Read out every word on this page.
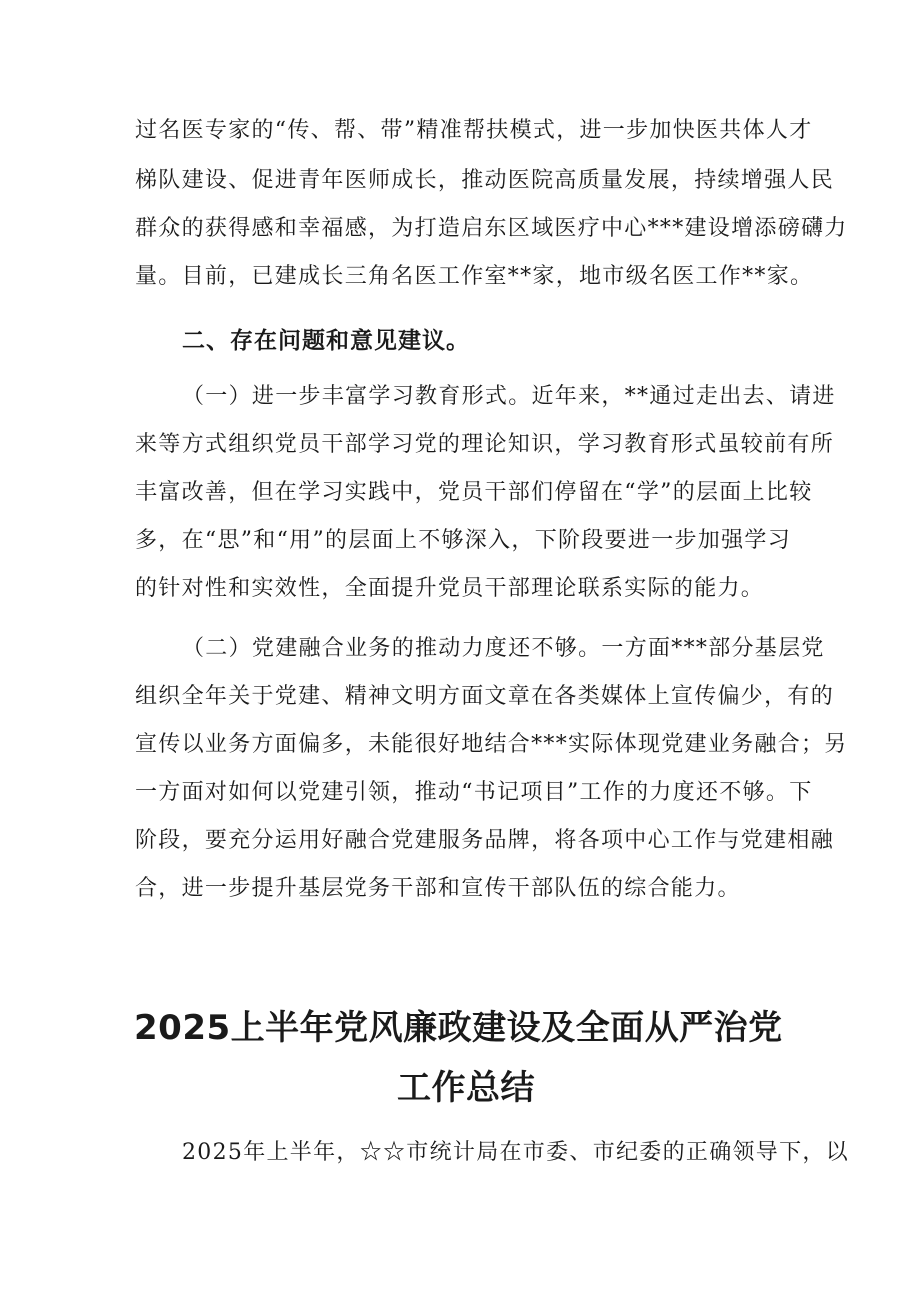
过名医专家的“传、帮、带”精准帮扶模式，进一步加快医共体人才
梯队建设、促进青年医师成长，推动医院高质量发展，持续增强人民
群众的获得感和幸福感，为打造启东区域医疗中心***建设增添磅礴力
量。目前，已建成长三角名医工作室**家，地市级名医工作**家。
二、存在问题和意见建议。
（一）进一步丰富学习教育形式。近年来，**通过走出去、请进
来等方式组织党员干部学习党的理论知识，学习教育形式虽较前有所
丰富改善，但在学习实践中，党员干部们停留在“学”的层面上比较
多，在“思”和“用”的层面上不够深入，下阶段要进一步加强学习
的针对性和实效性，全面提升党员干部理论联系实际的能力。
（二）党建融合业务的推动力度还不够。一方面***部分基层党
组织全年关于党建、精神文明方面文章在各类媒体上宣传偏少，有的
宣传以业务方面偏多，未能很好地结合***实际体现党建业务融合；另
一方面对如何以党建引领，推动“书记项目”工作的力度还不够。下
阶段，要充分运用好融合党建服务品牌，将各项中心工作与党建相融
合，进一步提升基层党务干部和宣传干部队伍的综合能力。
2025上半年党风廉政建设及全面从严治党
工作总结
2025年上半年，☆☆市统计局在市委、市纪委的正确领导下，以
